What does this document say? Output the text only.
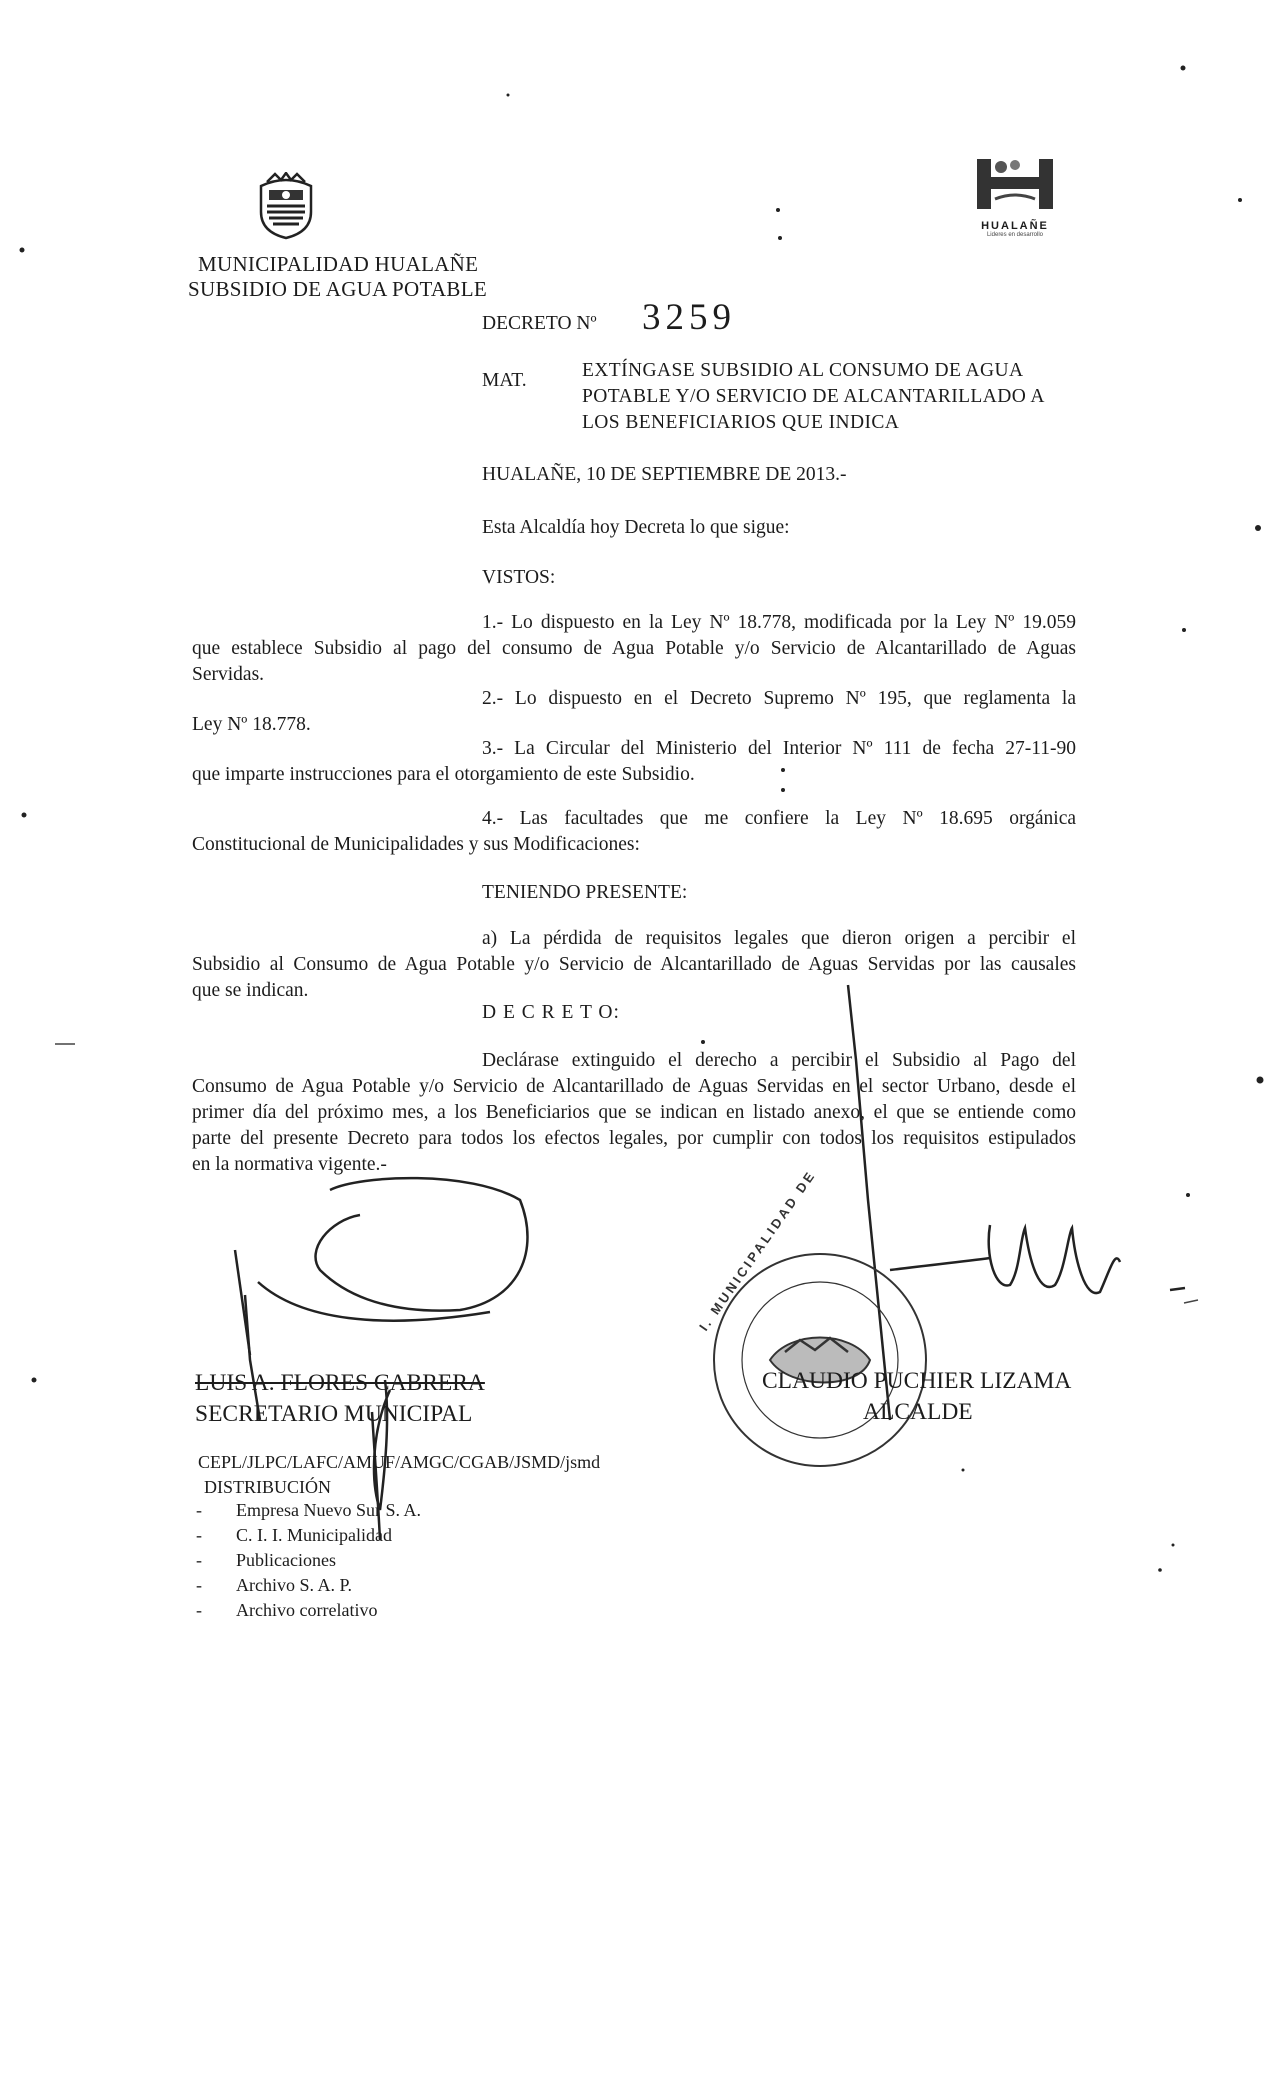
MUNICIPALIDAD HUALAÑE
SUBSIDIO DE AGUA POTABLE
HUALAÑE
Lideres en desarrollo
DECRETO Nº 3259
MAT.	EXTÍNGASE SUBSIDIO AL CONSUMO DE AGUA
POTABLE Y/O SERVICIO DE ALCANTARILLADO A
LOS BENEFICIARIOS QUE INDICA
HUALAÑE, 10 DE SEPTIEMBRE DE 2013.-
Esta Alcaldía hoy Decreta lo que sigue:
VISTOS:
1.- Lo dispuesto en la Ley Nº 18.778, modificada por la Ley Nº 19.059
que establece Subsidio al pago del consumo de Agua Potable y/o Servicio de Alcantarillado de Aguas
Servidas.
2.- Lo dispuesto en el Decreto Supremo Nº 195, que reglamenta la
Ley Nº 18.778.
3.- La Circular del Ministerio del Interior Nº 111 de fecha 27-11-90
que imparte instrucciones para el otorgamiento de este Subsidio.
4.- Las facultades que me confiere la Ley Nº 18.695 orgánica
Constitucional de Municipalidades y sus Modificaciones:
TENIENDO PRESENTE:
a) La pérdida de requisitos legales que dieron origen a percibir el
Subsidio al Consumo de Agua Potable y/o Servicio de Alcantarillado de Aguas Servidas por las causales
que se indican.
D E C R E T O:
Declárase extinguido el derecho a percibir el Subsidio al Pago del
Consumo de Agua Potable y/o Servicio de Alcantarillado de Aguas Servidas en el sector Urbano, desde el
primer día del próximo mes, a los Beneficiarios que se indican en listado anexo, el que se entiende como
parte del presente Decreto para todos los efectos legales, por cumplir con todos los requisitos estipulados
en la normativa vigente.-
I. MUNICIPALIDAD DE
LUIS A. FLORES CABRERA
SECRETARIO MUNICIPAL
CLAUDIO PUCHIER LIZAMA
ALCALDE
CEPL/JLPC/LAFC/AMUF/AMGC/CGAB/JSMD/jsmd
DISTRIBUCIÓN
-	Empresa Nuevo Sur S. A.
-	C. I. I. Municipalidad
-	Publicaciones
-	Archivo S. A. P.
-	Archivo correlativo
